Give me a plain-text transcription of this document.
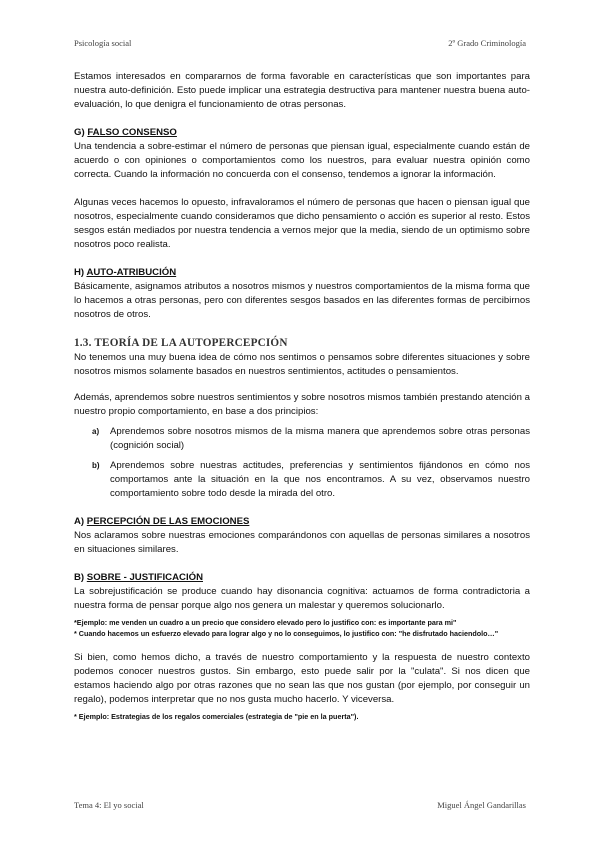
Psicología social	2º Grado Criminología

Estamos interesados en compararnos de forma favorable en características que son importantes para nuestra auto-definición. Esto puede implicar una estrategia destructiva para mantener nuestra buena auto-evaluación, lo que denigra el funcionamiento de otras personas.

G) FALSO CONSENSO

Una tendencia a sobre-estimar el número de personas que piensan igual, especialmente cuando están de acuerdo o con opiniones o comportamientos como los nuestros, para evaluar nuestra opinión como correcta. Cuando la información no concuerda con el consenso, tendemos a ignorar la información.

Algunas veces hacemos lo opuesto, infravaloramos el número de personas que hacen o piensan igual que nosotros, especialmente cuando consideramos que dicho pensamiento o acción es superior al resto. Estos sesgos están mediados por nuestra tendencia a vernos mejor que la media, siendo de un optimismo sobre nosotros poco realista.

H) AUTO-ATRIBUCIÓN

Básicamente, asignamos atributos a nosotros mismos y nuestros comportamientos de la misma forma que lo hacemos a otras personas, pero con diferentes sesgos basados en las diferentes formas de percibirnos nosotros de otros.

1.3. TEORÍA DE LA AUTOPERCEPCIÓN

No tenemos una muy buena idea de cómo nos sentimos o pensamos sobre diferentes situaciones y sobre nosotros mismos solamente basados en nuestros sentimientos, actitudes o pensamientos.

Además, aprendemos sobre nuestros sentimientos y sobre nosotros mismos también prestando atención a nuestro propio comportamiento, en base a dos principios:

a) Aprendemos sobre nosotros mismos de la misma manera que aprendemos sobre otras personas (cognición social)
b) Aprendemos sobre nuestras actitudes, preferencias y sentimientos fijándonos en cómo nos comportamos ante la situación en la que nos encontramos. A su vez, observamos nuestro comportamiento sobre todo desde la mirada del otro.
A) PERCEPCIÓN DE LAS EMOCIONES

Nos aclaramos sobre nuestras emociones comparándonos con aquellas de personas similares a nosotros en situaciones similares.

B) SOBRE - JUSTIFICACIÓN

La sobrejustificación se produce cuando hay disonancia cognitiva: actuamos de forma contradictoria a nuestra forma de pensar porque algo nos genera un malestar y queremos solucionarlo.

*Ejemplo: me venden un cuadro a un precio que considero elevado pero lo justifico con: es importante para mi"

* Cuando hacemos un esfuerzo elevado para lograr algo y no lo conseguimos, lo justifico con: "he disfrutado haciendolo…"

Si bien, como hemos dicho, a través de nuestro comportamiento y la respuesta de nuestro contexto podemos conocer nuestros gustos. Sin embargo, esto puede salir por la "culata". Si nos dicen que estamos haciendo algo por otras razones que no sean las que nos gustan (por ejemplo, por conseguir un regalo), podemos interpretar que no nos gusta mucho hacerlo. Y viceversa.

* Ejemplo: Estrategias de los regalos comerciales (estrategia de "pie en la puerta").

Tema 4: El yo social	Miguel Ángel Gandarillas
